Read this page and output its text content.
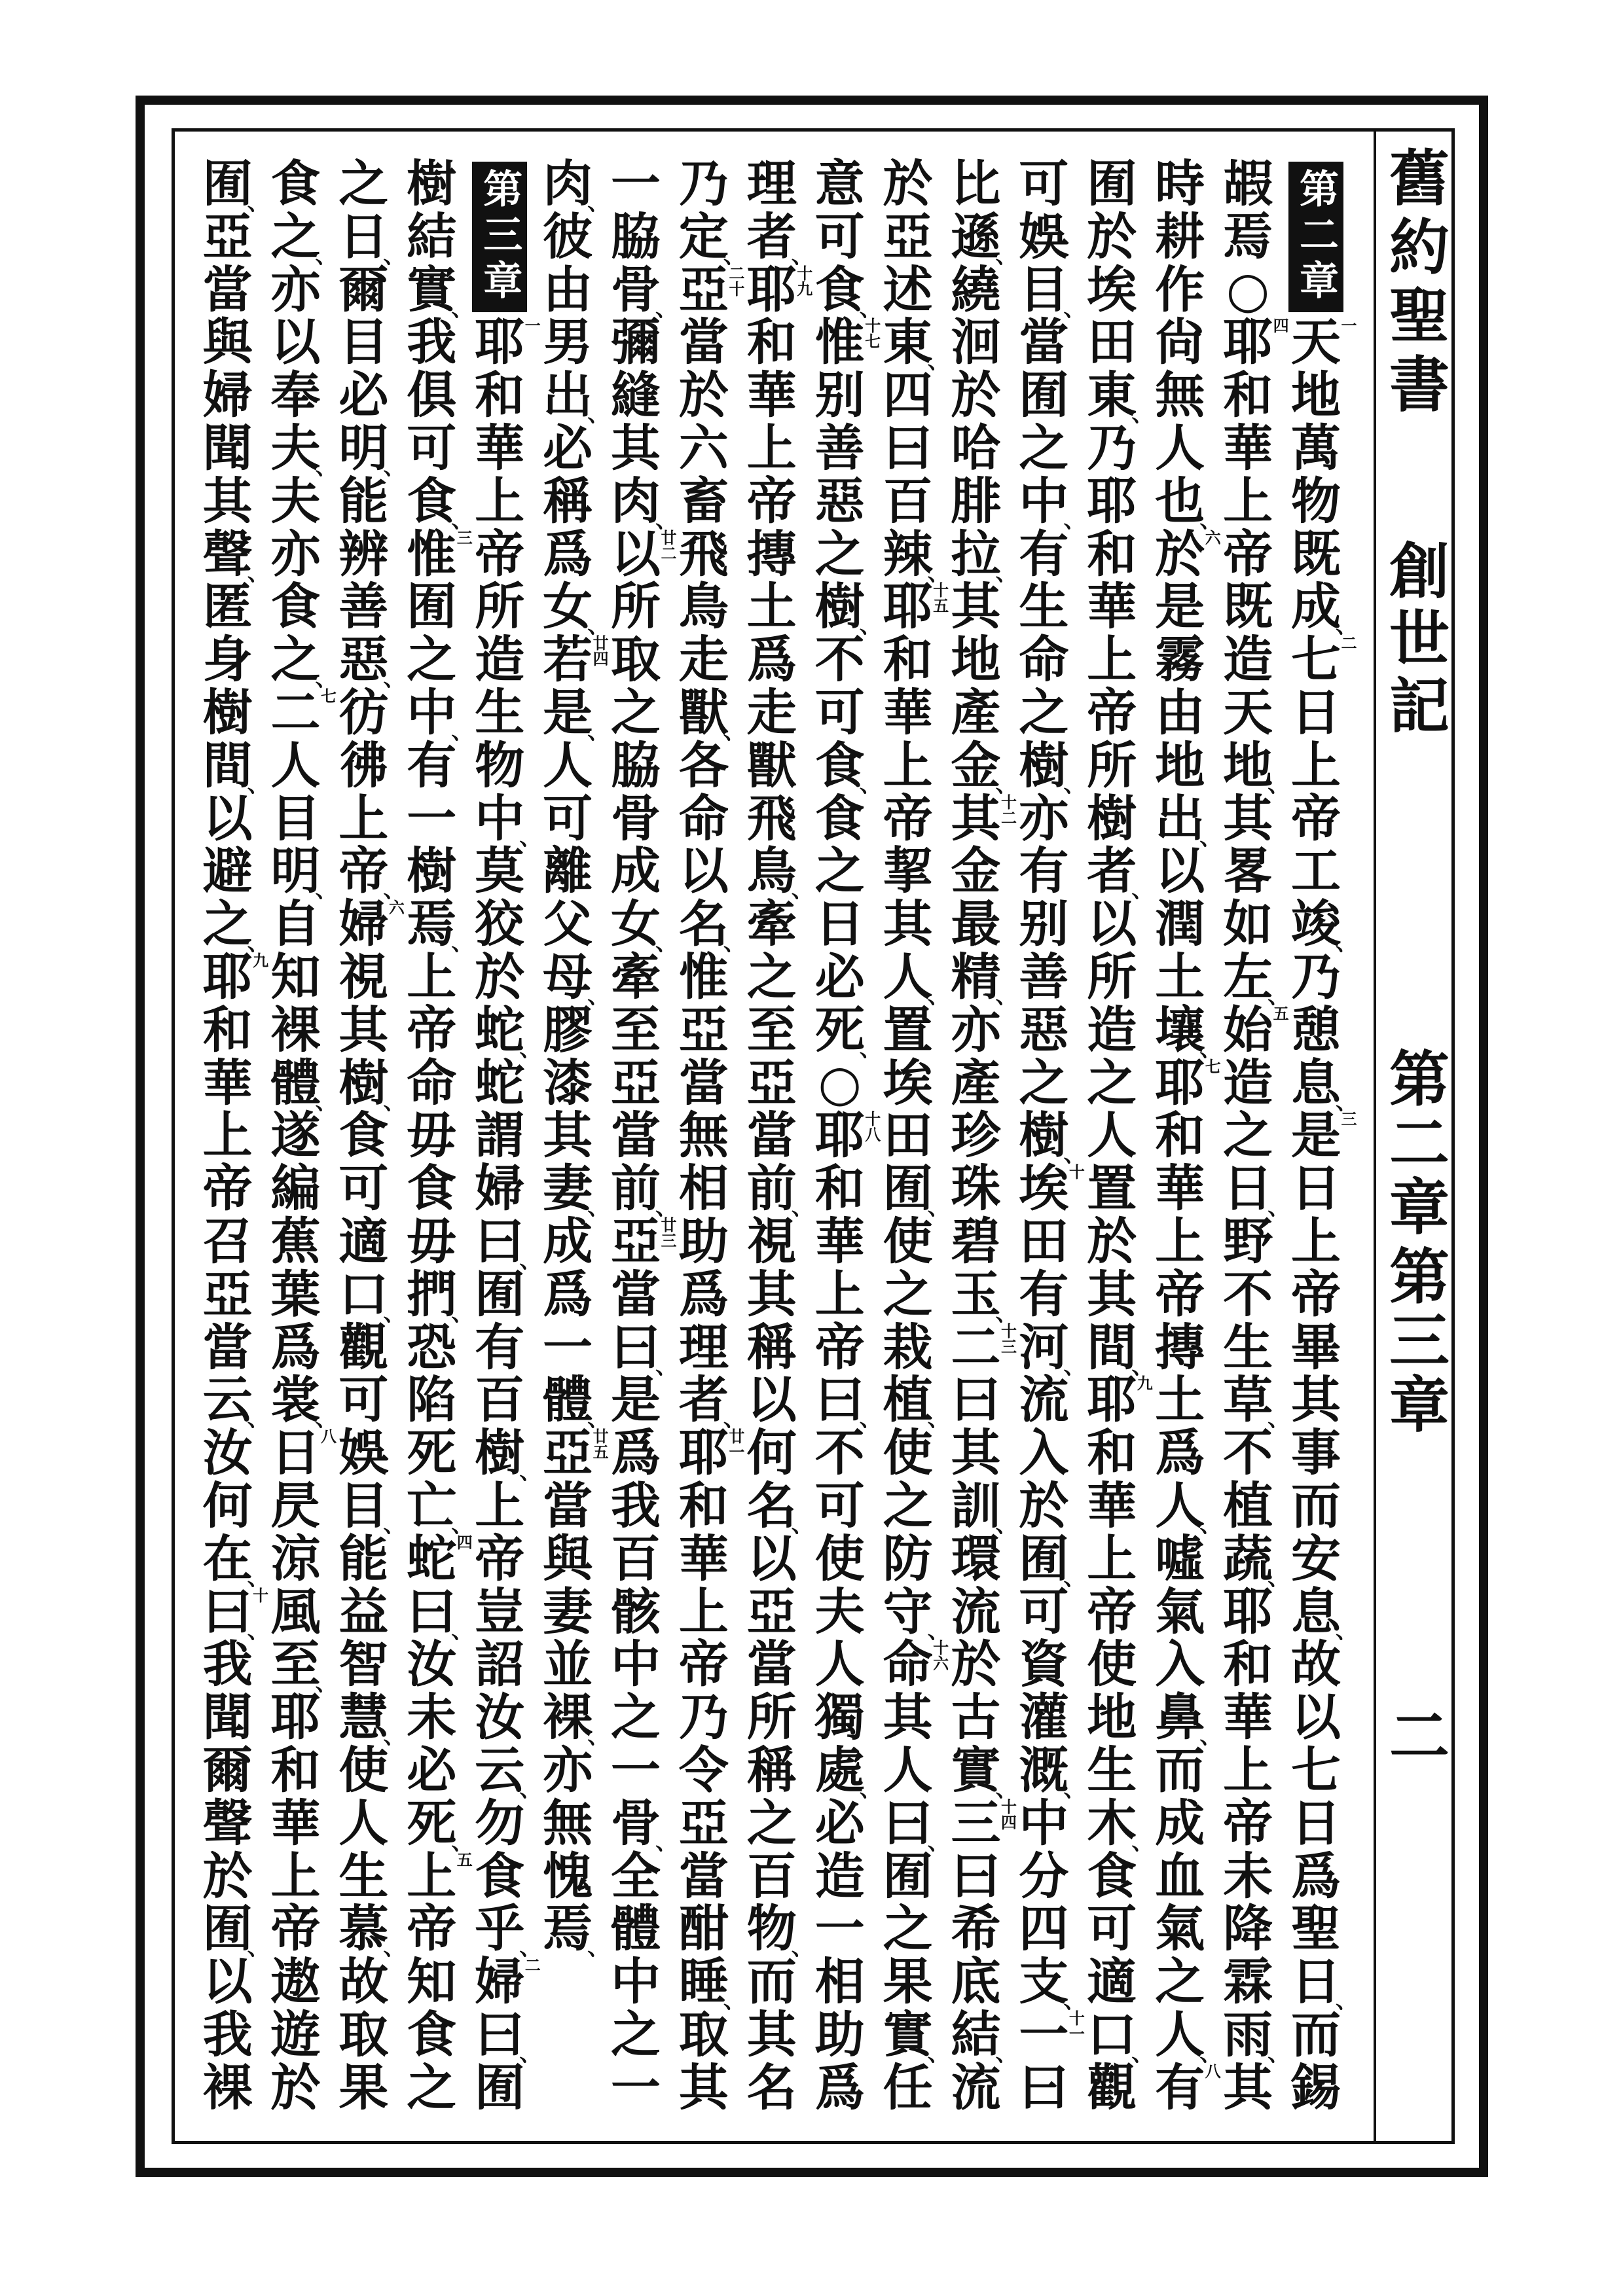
舊約聖書
創世記
第二章
第三章
二
第二章
天
一
地
萬
物
既
成
、
七
二
日
上
帝
工
竣
、
乃
憩
息
、
是
三
日
上
帝
畢
其
事
而
安
息
、
故
以
七
日
爲
聖
日
、
而
錫
嘏
焉
○
耶
四
和
華
上
帝
既
造
天
地
、
其
畧
如
左
、
始
五
造
之
日
、
野
不
生
草
、
不
植
蔬
、
耶
和
華
上
帝
未
降
霖
雨
、
其
時
耕
作
尙
無
人
也
、
於
六
是
霧
由
地
出
、
以
潤
土
壤
、
耶
七
和
華
上
帝
摶
土
爲
人
、
噓
氣
入
鼻
、
而
成
血
氣
之
人
、
有
八
囿
於
埃
田
東
、
乃
耶
和
華
上
帝
所
樹
者
、
以
所
造
之
人
置
於
其
間
、
耶
九
和
華
上
帝
使
地
生
木
、
食
可
適
口
、
觀
可
娛
目
、
當
囿
之
中
、
有
生
命
之
樹
、
亦
有
别
善
惡
之
樹
、
埃
十
田
有
河
、
流
入
於
囿
、
可
資
灌
溉
、
中
分
四
支
、
一
十一
曰
比
遜
、
繞
洄
於
哈
腓
拉
、
其
地
產
金
、
其
十二
金
最
精
、
亦
產
珍
珠
碧
玉
、
二
十三
曰
其
訓
、
環
流
於
古
實
、
三
十四
曰
希
底
結
、
流
於
亞
述
東
、
四
曰
百
辣
、
耶
十五
和
華
上
帝
挈
其
人
、
置
埃
田
囿
、
使
之
栽
植
、
使
之
防
守
、
命
十六
其
人
曰
、
囿
之
果
實
、
任
意
可
食
、
惟
十七
别
善
惡
之
樹
、
不
可
食
、
食
之
日
必
死
、
○
耶
十八
和
華
上
帝
曰
、
不
可
使
夫
人
獨
處
、
必
造
一
相
助
爲
理
者
、
耶
十九
和
華
上
帝
摶
土
爲
走
獸
飛
鳥
、
牽
之
至
亞
當
前
、
視
其
稱
以
何
名
、
以
亞
當
所
稱
之
百
物
、
而
其
名
乃
定
、
亞
二十
當
於
六
畜
飛
鳥
走
獸
、
各
命
以
名
、
惟
亞
當
無
相
助
爲
理
者
、
耶
廿一
和
華
上
帝
乃
令
亞
當
酣
睡
、
取
其
一
脇
骨
、
彌
縫
其
肉
、
以
廿二
所
取
之
脇
骨
成
女
、
牽
至
亞
當
前
、
亞
廿三
當
曰
、
是
爲
我
百
骸
中
之
一
骨
、
全
體
中
之
一
肉
、
彼
由
男
出
、
必
稱
爲
女
、
若
廿四
是
、
人
可
離
父
母
、
膠
漆
其
妻
、
成
爲
一
體
、
亞
廿五
當
與
妻
並
裸
、
亦
無
愧
焉
、
第三章
耶
一
和
華
上
帝
所
造
生
物
中
、
莫
狡
於
蛇
、
蛇
謂
婦
曰
、
囿
有
百
樹
、
上
帝
豈
詔
汝
云
、
勿
食
乎
、
婦
二
曰
、
囿
樹
結
實
、
我
俱
可
食
、
惟
三
囿
之
中
、
有
一
樹
焉
、
上
帝
命
毋
食
毋
捫
、
恐
陷
死
亡
、
蛇
四
曰
、
汝
未
必
死
、
上
五
帝
知
食
之
之
日
、
爾
目
必
明
、
能
辨
善
惡
、
彷
彿
上
帝
、
婦
六
視
其
樹
、
食
可
適
口
、
觀
可
娛
目
、
能
益
智
慧
、
使
人
生
慕
、
故
取
果
食
之
、
亦
以
奉
夫
、
夫
亦
食
之
、
二
七
人
目
明
、
自
知
裸
體
、
遂
編
蕉
葉
爲
裳
、
日
八
昃
涼
風
至
、
耶
和
華
上
帝
遨
遊
於
囿
、
亞
當
與
婦
聞
其
聲
、
匿
身
樹
間
、
以
避
之
、
耶
九
和
華
上
帝
召
亞
當
云
、
汝
何
在
、
曰
十
、
我
聞
爾
聲
於
囿
、
以
我
裸
